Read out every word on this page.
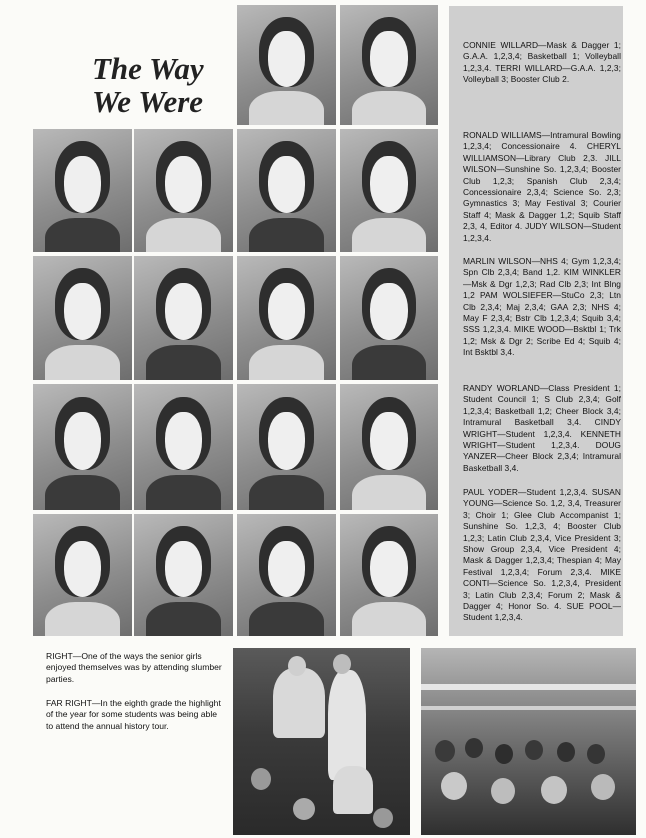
The Way
We Were

CONNIE WILLARD—Mask & Dagger 1; G.A.A. 1,2,3,4; Basketball 1; Volleyball 1,2,3,4. TERRI WILLARD—G.A.A. 1,2,3; Volleyball 3; Booster Club 2.

RONALD WILLIAMS—Intramural Bowling 1,2,3,4; Concessionaire 4. CHERYL WILLIAMSON—Library Club 2,3. JILL WILSON—Sunshine So. 1,2,3,4; Booster Club 1,2,3; Spanish Club 2,3,4; Concessionaire 2,3,4; Science So. 2,3; Gymnastics 3; May Festival 3; Courier Staff 4; Mask & Dagger 1,2; Squib Staff 2,3, 4, Editor 4. JUDY WILSON—Student 1,2,3,4.

MARLIN WILSON—NHS 4; Gym 1,2,3,4; Spn Clb 2,3,4; Band 1,2. KIM WINKLER—Msk & Dgr 1,2,3; Rad Clb 2,3; Int Blng 1,2 PAM WOLSIEFER—StuCo 2,3; Ltn Clb 2,3,4; Maj 2,3,4; GAA 2,3; NHS 4; May F 2,3,4; Bstr Clb 1,2,3,4; Squib 3,4; SSS 1,2,3,4. MIKE WOOD—Bsktbl 1; Trk 1,2; Msk & Dgr 2; Scribe Ed 4; Squib 4; Int Bsktbl 3,4.

RANDY WORLAND—Class President 1; Student Council 1; S Club 2,3,4; Golf 1,2,3,4; Basketball 1,2; Cheer Block 3,4; Intramural Basketball 3,4. CINDY WRIGHT—Student 1,2,3,4. KENNETH WRIGHT—Student 1,2,3,4. DOUG YANZER—Cheer Block 2,3,4; Intramural Basketball 3,4.

PAUL YODER—Student 1,2,3,4. SUSAN YOUNG—Science So. 1,2, 3,4, Treasurer 3; Choir 1; Glee Club Accompanist 1; Sunshine So. 1,2,3, 4; Booster Club 1,2,3; Latin Club 2,3,4, Vice President 3; Show Group 2,3,4, Vice President 4; Mask & Dagger 1,2,3,4; Thespian 4; May Festival 1,2,3,4; Forum 2,3,4. MIKE CONTI—Science So. 1,2,3,4, President 3; Latin Club 2,3,4; Forum 2; Mask & Dagger 4; Honor So. 4. SUE POOL—Student 1,2,3,4.

RIGHT—One of the ways the senior girls enjoyed themselves was by attending slumber parties.
FAR RIGHT—In the eighth grade the highlight of the year for some students was being able to attend the annual history tour.
